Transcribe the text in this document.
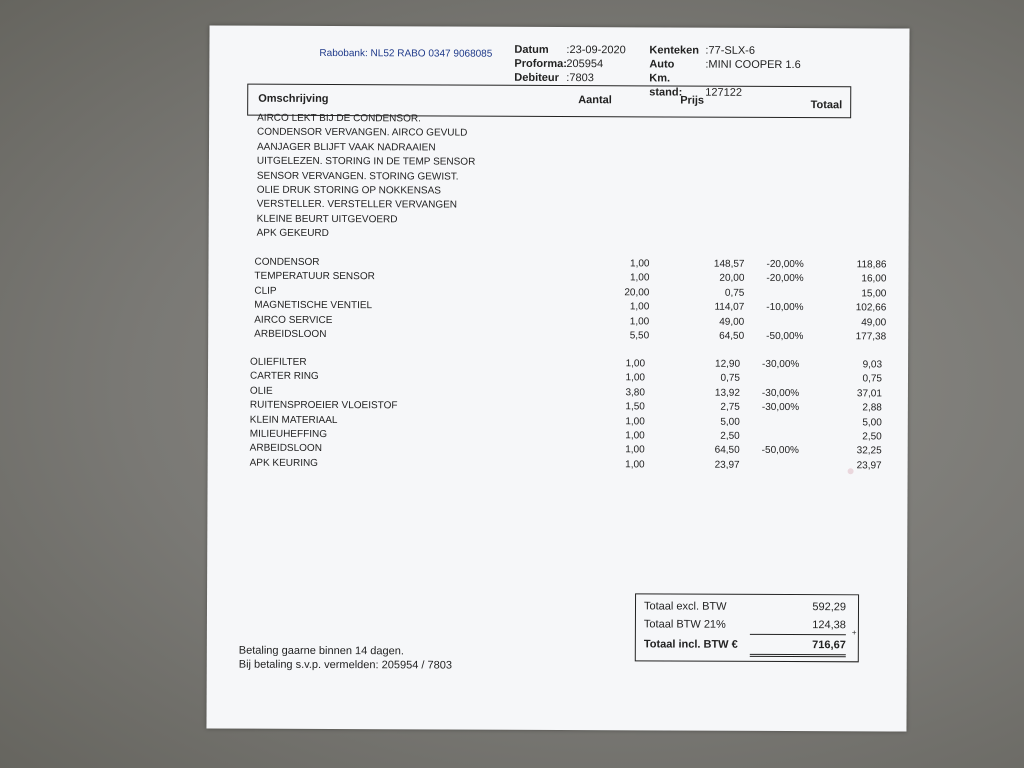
Rabobank: NL52 RABO 0347 9068085 Datum :23-09-2020
Proforma:205954
Debiteur :7803
Kenteken :77-SLX-6
Auto	:MINI COOPER 1.6
Km. stand: 127122
Omschrijving	Aantal	Prijs	Totaal
AIRCO LEKT BIJ DE CONDENSOR.
CONDENSOR VERVANGEN. AIRCO GEVULD
AANJAGER BLIJFT VAAK NADRAAIEN
UITGELEZEN. STORING IN DE TEMP SENSOR
SENSOR VERVANGEN. STORING GEWIST.
OLIE DRUK STORING OP NOKKENSAS
VERSTELLER. VERSTELLER VERVANGEN
KLEINE BEURT UITGEVOERD
APK GEKEURD
CONDENSOR	1,00	148,57 -20,00%	118,86
TEMPERATUUR SENSOR	1,00	20,00 -20,00%	16,00
CLIP	20,00	0,75	15,00
MAGNETISCHE VENTIEL	1,00	114,07 -10,00%	102,66
AIRCO SERVICE	1,00	49,00	49,00
ARBEIDSLOON	5,50	64,50 -50,00%	177,38
OLIEFILTER	1,00	12,90 -30,00%	9,03
CARTER RING	1,00	0,75	0,75
OLIE	3,80	13,92 -30,00%	37,01
RUITENSPROEIER VLOEISTOF	1,50	2,75 -30,00%	2,88
KLEIN MATERIAAL	1,00	5,00	5,00
MILIEUHEFFING	1,00	2,50	2,50
ARBEIDSLOON	1,00	64,50 -50,00%	32,25
APK KEURING	1,00	23,97	23,97
Totaal excl. BTW	592,29
Totaal BTW 21%	124,38
Totaal incl. BTW €	716,67
+
Betaling gaarne binnen 14 dagen.
Bij betaling s.v.p. vermelden: 205954 / 7803
